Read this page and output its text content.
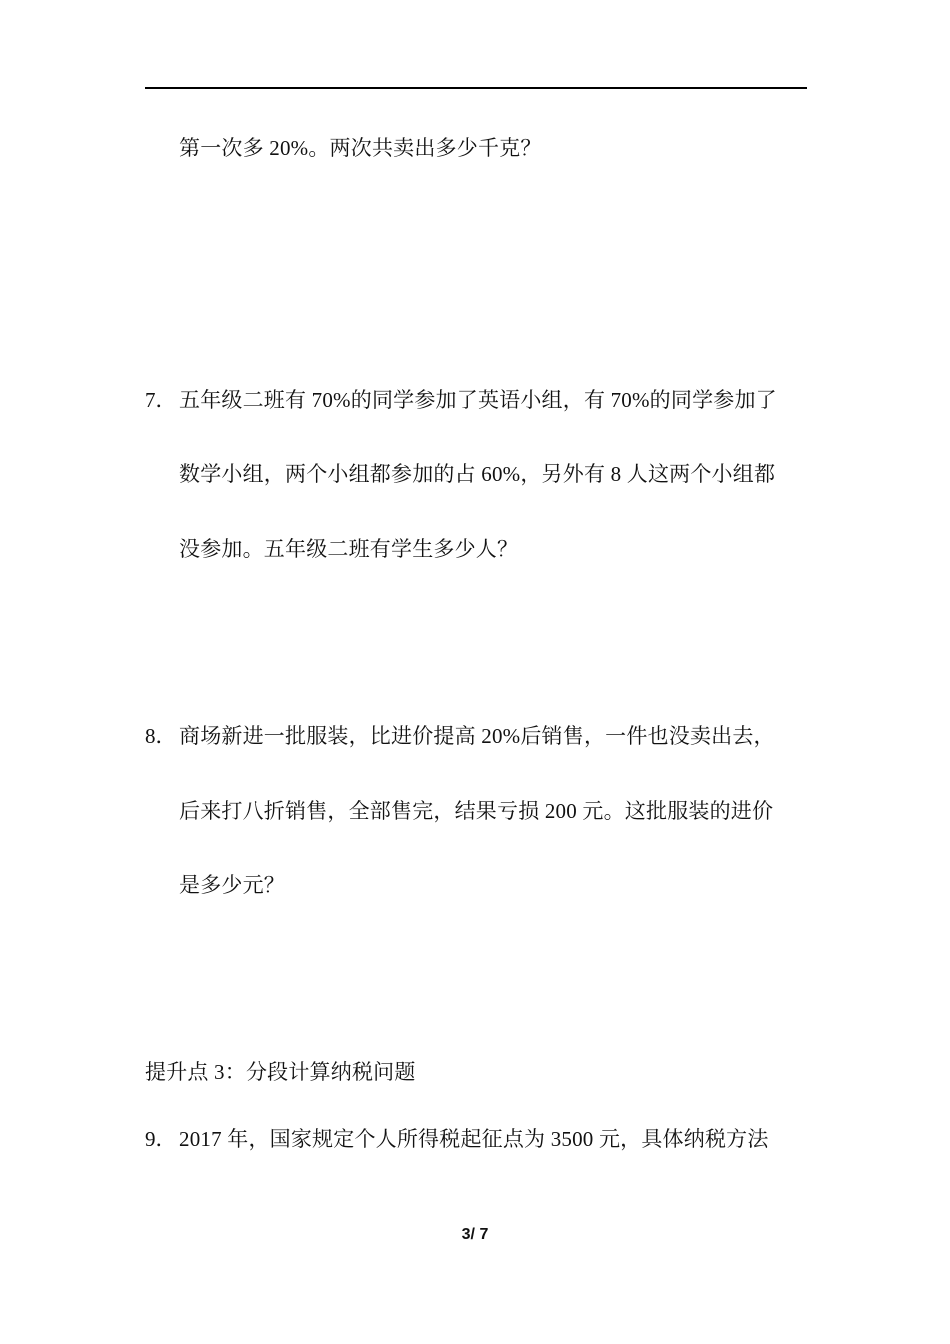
第一次多 20%。两次共卖出多少千克？
7． 五年级二班有 70%的同学参加了英语小组，有 70%的同学参加了
数学小组，两个小组都参加的占 60%，另外有 8 人这两个小组都
没参加。五年级二班有学生多少人？
8． 商场新进一批服装，比进价提高 20%后销售，一件也没卖出去，
后来打八折销售，全部售完，结果亏损 200 元。这批服装的进价
是多少元？
提升点 3：分段计算纳税问题
9． 2017 年，国家规定个人所得税起征点为 3500 元，具体纳税方法
3/ 7
